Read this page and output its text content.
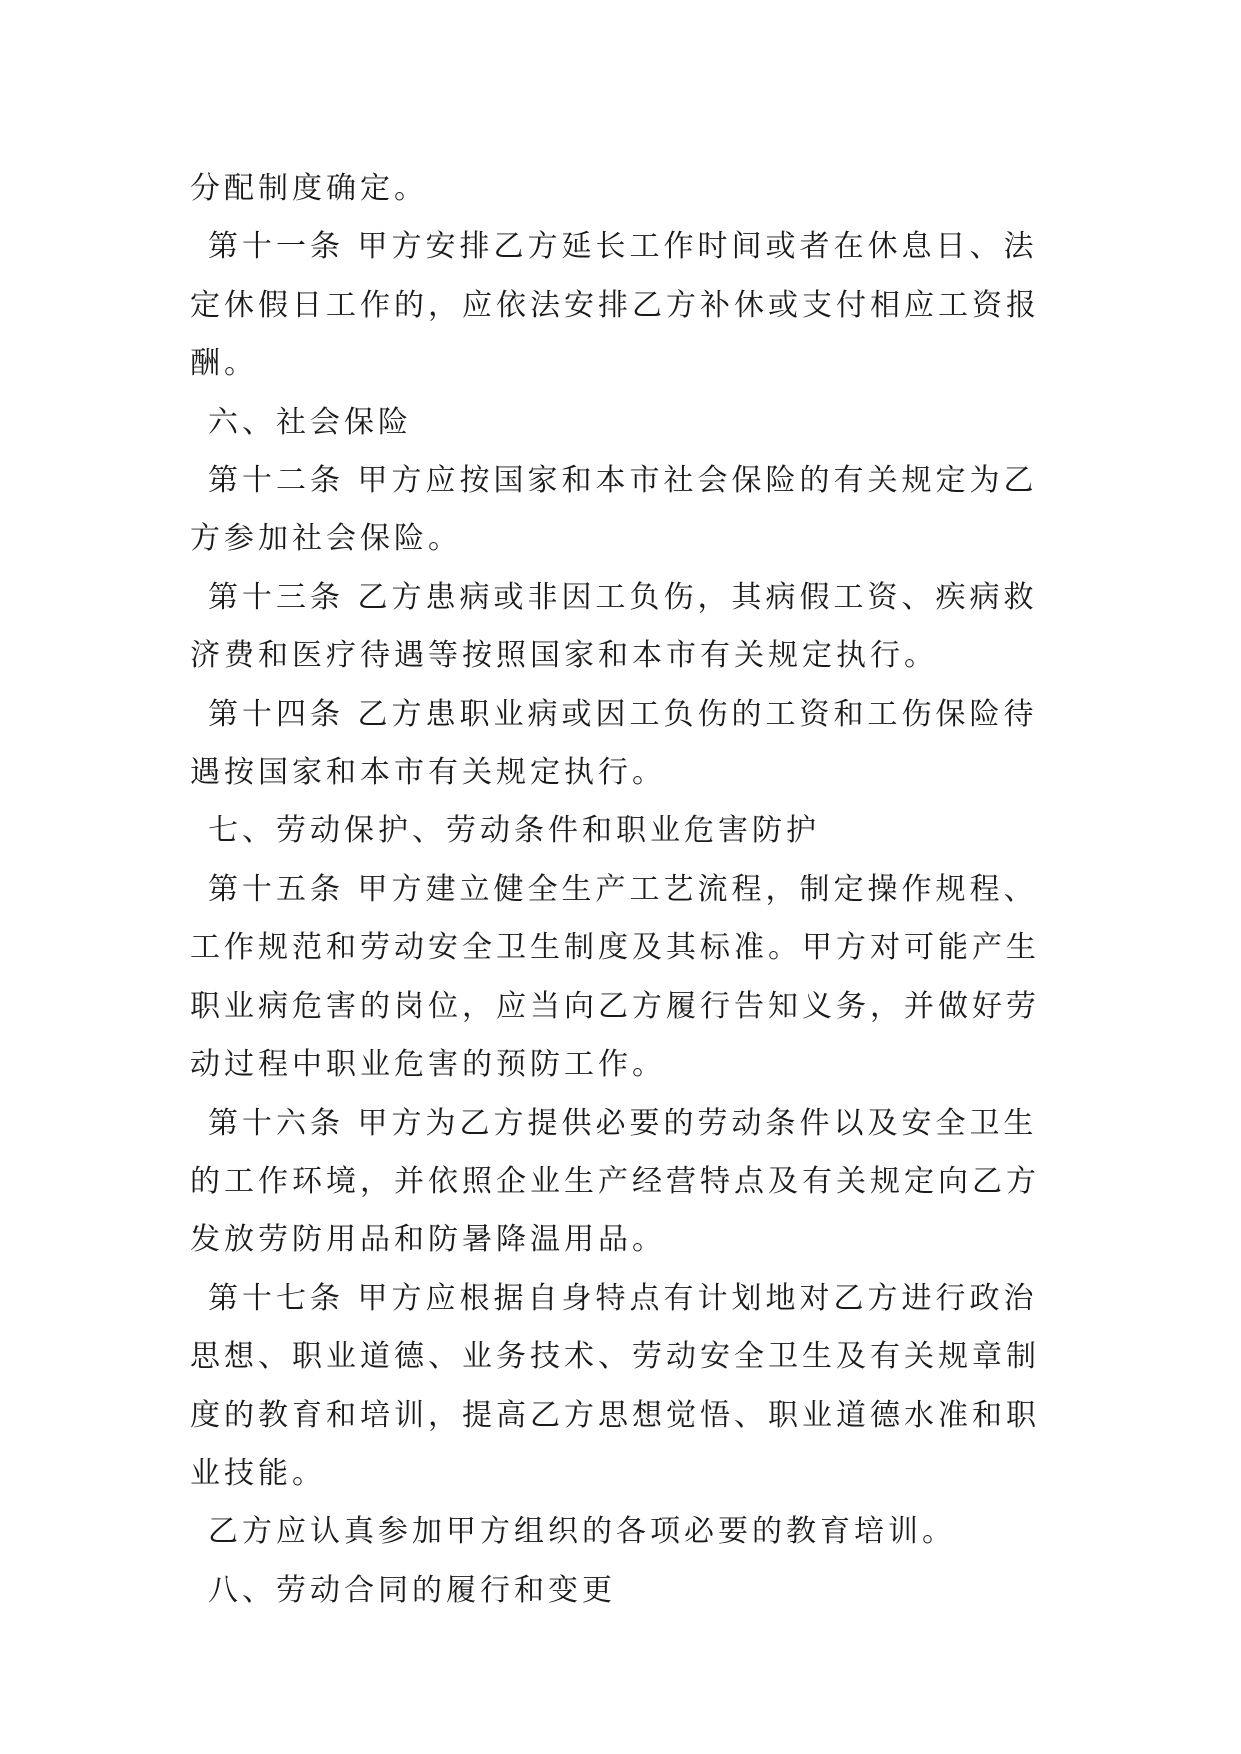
分配制度确定。

第十一条 甲方安排乙方延长工作时间或者在休息日、法定休假日工作的，应依法安排乙方补休或支付相应工资报酬。

六、社会保险

第十二条 甲方应按国家和本市社会保险的有关规定为乙方参加社会保险。

第十三条 乙方患病或非因工负伤，其病假工资、疾病救济费和医疗待遇等按照国家和本市有关规定执行。

第十四条 乙方患职业病或因工负伤的工资和工伤保险待遇按国家和本市有关规定执行。

七、劳动保护、劳动条件和职业危害防护

第十五条 甲方建立健全生产工艺流程，制定操作规程、工作规范和劳动安全卫生制度及其标准。甲方对可能产生职业病危害的岗位，应当向乙方履行告知义务，并做好劳动过程中职业危害的预防工作。

第十六条 甲方为乙方提供必要的劳动条件以及安全卫生的工作环境，并依照企业生产经营特点及有关规定向乙方发放劳防用品和防暑降温用品。

第十七条 甲方应根据自身特点有计划地对乙方进行政治思想、职业道德、业务技术、劳动安全卫生及有关规章制度的教育和培训，提高乙方思想觉悟、职业道德水准和职业技能。

乙方应认真参加甲方组织的各项必要的教育培训。

八、劳动合同的履行和变更
